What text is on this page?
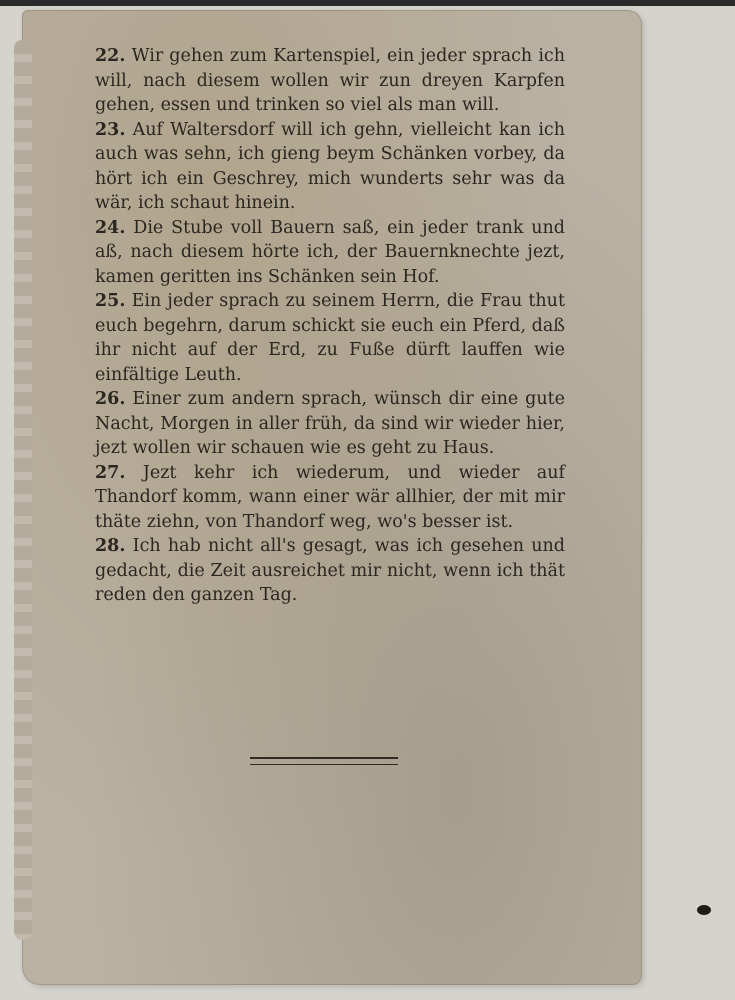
22. Wir gehen zum Kartenspiel, ein jeder sprach ich will, nach diesem wollen wir zun dreyen Karpfen gehen, essen und trinken so viel als man will.

23. Auf Waltersdorf will ich gehn, vielleicht kan ich auch was sehn, ich gieng beym Schänken vorbey, da hört ich ein Geschrey, mich wunderts sehr was da wär, ich schaut hinein.

24. Die Stube voll Bauern saß, ein jeder trank und aß, nach diesem hörte ich, der Bauernknechte jezt, kamen geritten ins Schänken sein Hof.

25. Ein jeder sprach zu seinem Herrn, die Frau thut euch begehrn, darum schickt sie euch ein Pferd, daß ihr nicht auf der Erd, zu Fuße dürft lauffen wie einfältige Leuth.

26. Einer zum andern sprach, wünsch dir eine gute Nacht, Morgen in aller früh, da sind wir wieder hier, jezt wollen wir schauen wie es geht zu Haus.

27. Jezt kehr ich wiederum, und wieder auf Thandorf komm, wann einer wär allhier, der mit mir thäte ziehn, von Thandorf weg, wo's besser ist.

28. Ich hab nicht all's gesagt, was ich gesehen und gedacht, die Zeit ausreichet mir nicht, wenn ich thät reden den ganzen Tag.
